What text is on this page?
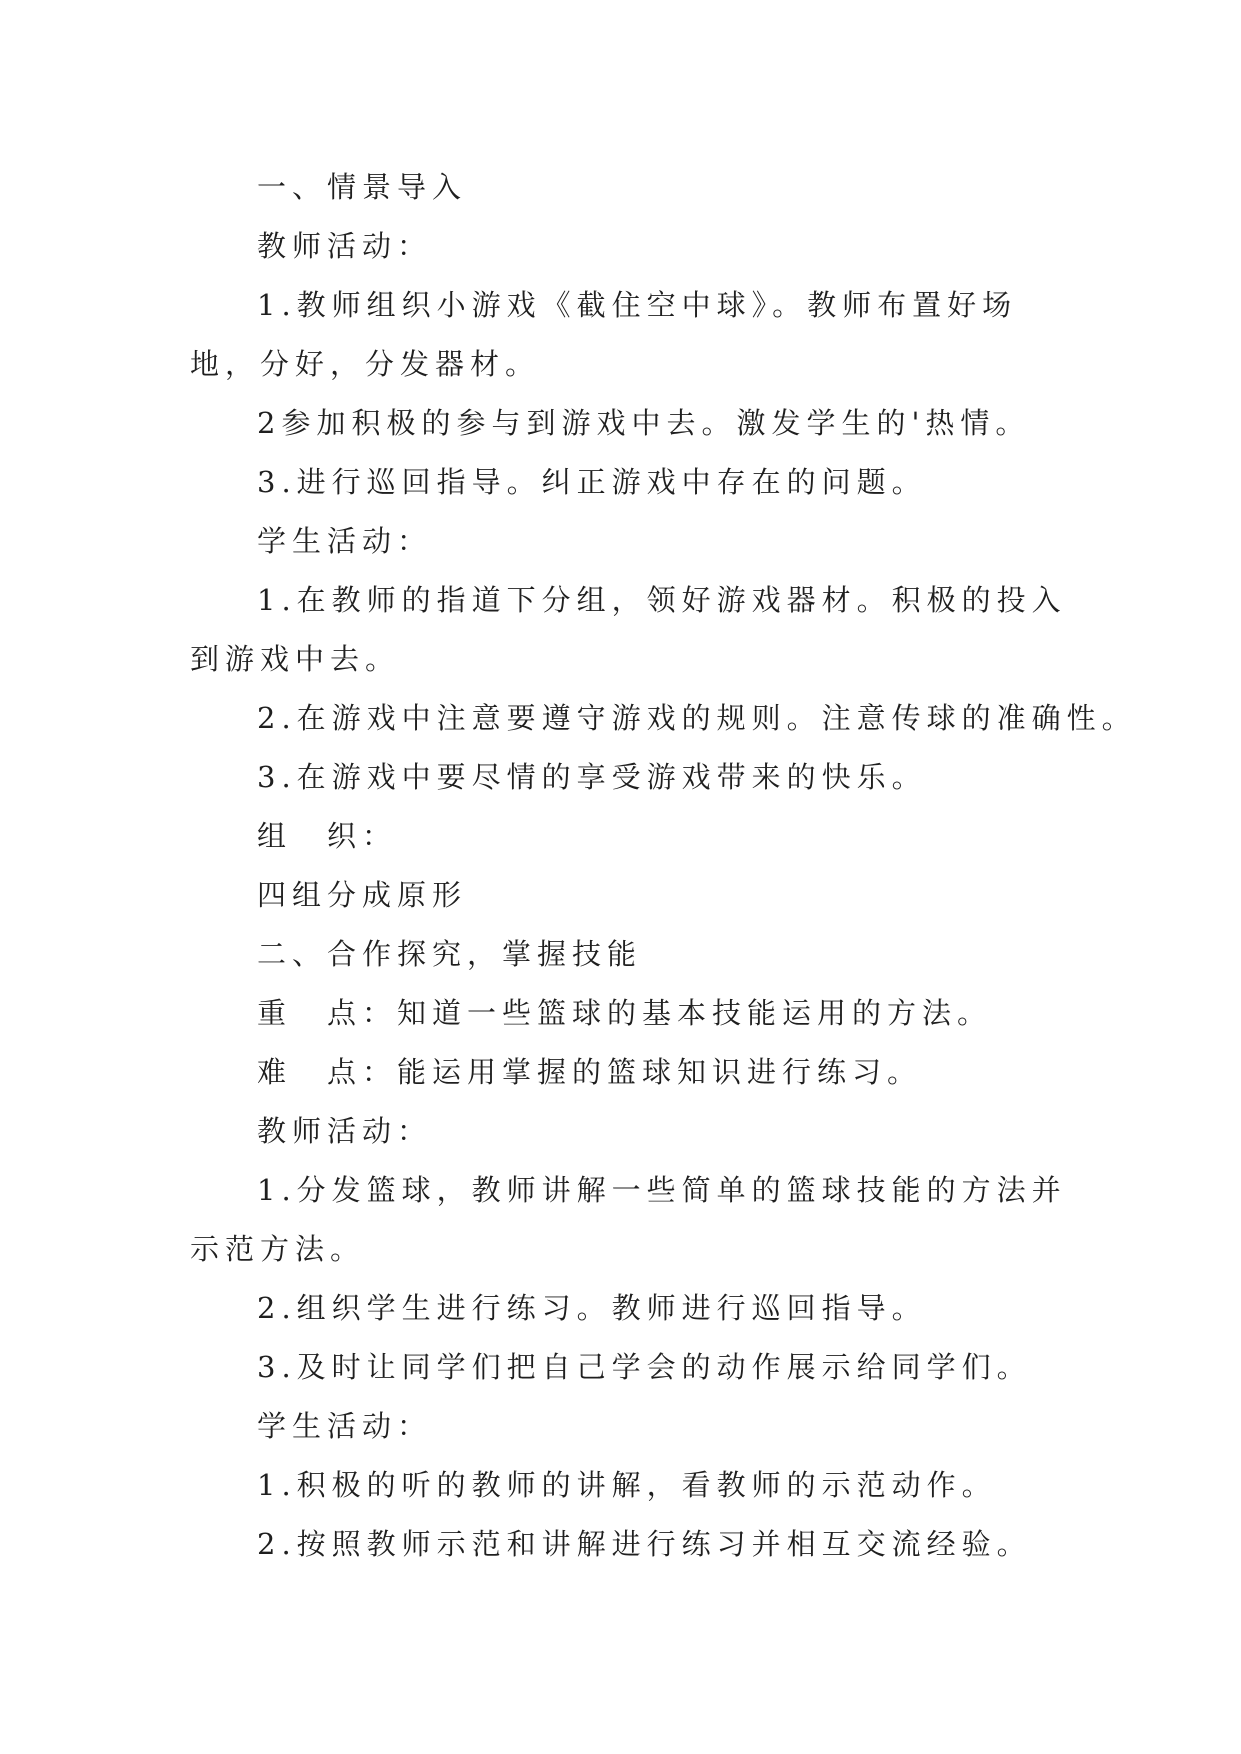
一、情景导入

教师活动：

1.教师组织小游戏《截住空中球》。教师布置好场地，分好，分发器材。

2参加积极的参与到游戏中去。激发学生的'热情。

3.进行巡回指导。纠正游戏中存在的问题。

学生活动：

1.在教师的指道下分组，领好游戏器材。积极的投入到游戏中去。

2.在游戏中注意要遵守游戏的规则。注意传球的准确性。

3.在游戏中要尽情的享受游戏带来的快乐。

组　织：

四组分成原形

二、合作探究，掌握技能

重　点：知道一些篮球的基本技能运用的方法。

难　点：能运用掌握的篮球知识进行练习。

教师活动：

1.分发篮球，教师讲解一些简单的篮球技能的方法并示范方法。

2.组织学生进行练习。教师进行巡回指导。

3.及时让同学们把自己学会的动作展示给同学们。

学生活动：

1.积极的听的教师的讲解，看教师的示范动作。

2.按照教师示范和讲解进行练习并相互交流经验。
